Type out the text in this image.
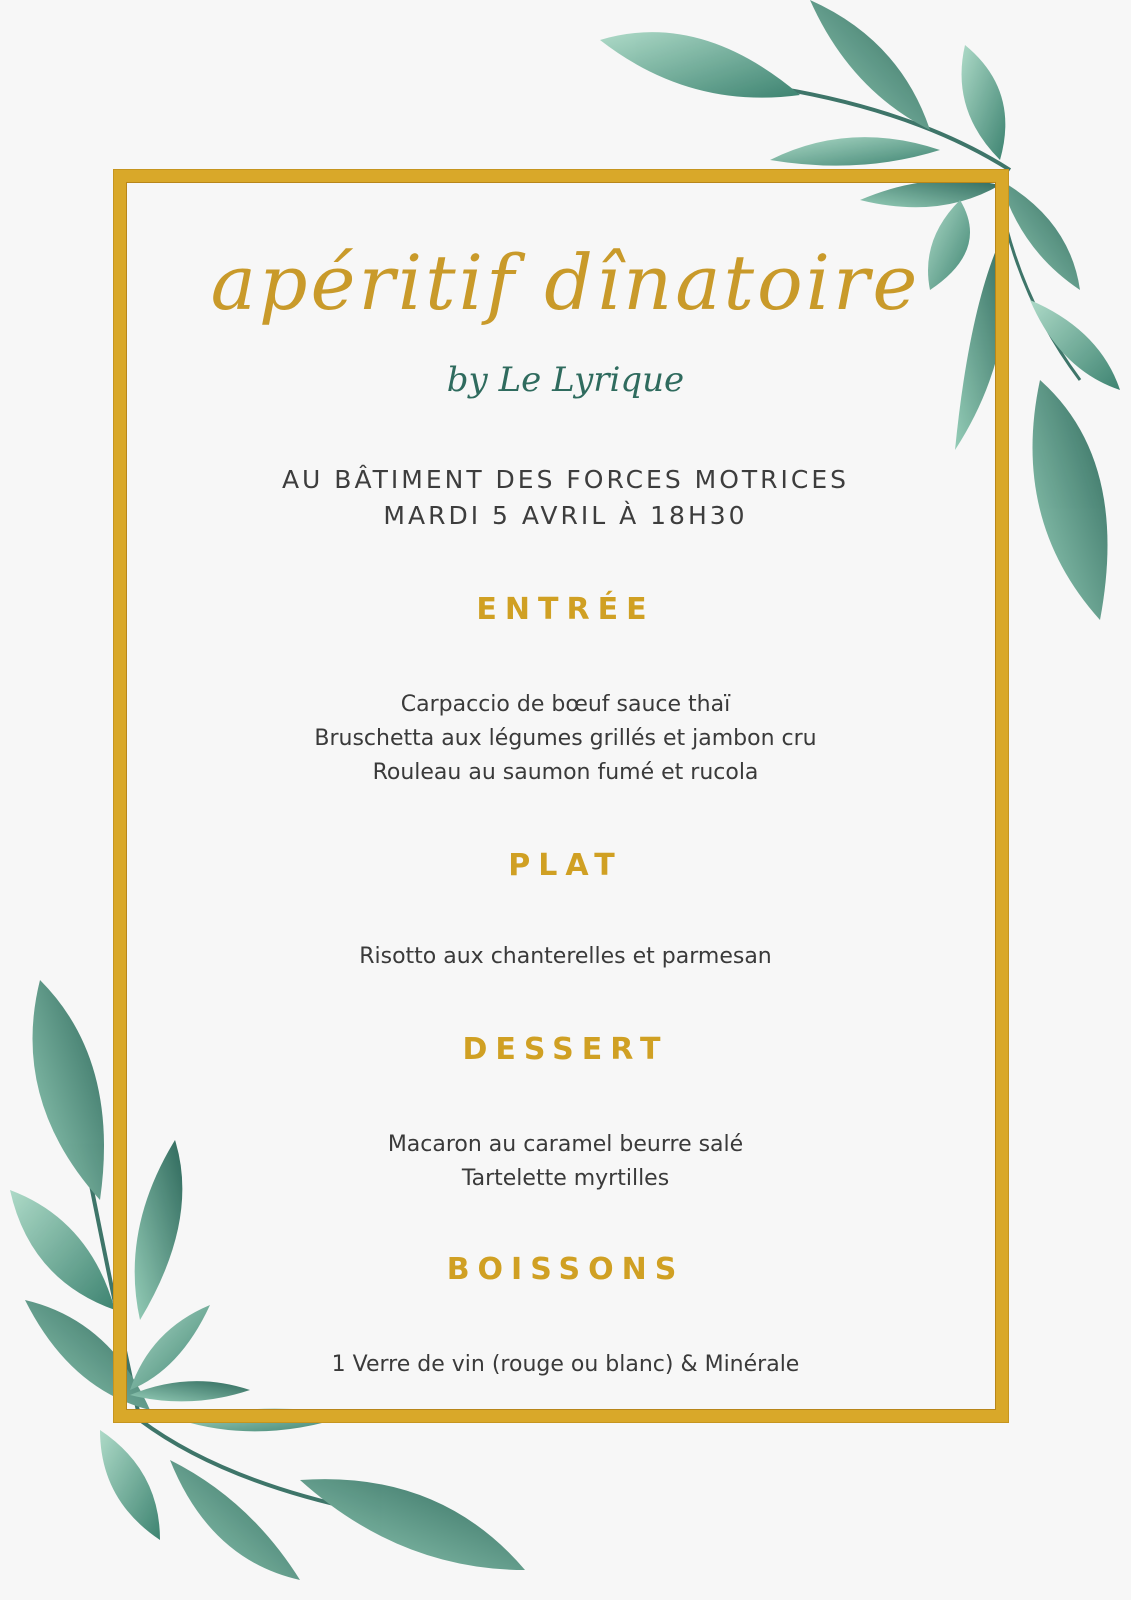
apéritif dînatoire
by Le Lyrique
AU BÂTIMENT DES FORCES MOTRICES
MARDI 5 AVRIL À 18H30
ENTRÉE
Carpaccio de bœuf sauce thaï
Bruschetta aux légumes grillés et jambon cru
Rouleau au saumon fumé et rucola
PLAT
Risotto aux chanterelles et parmesan
DESSERT
Macaron au caramel beurre salé
Tartelette myrtilles
BOISSONS
1 Verre de vin (rouge ou blanc) & Minérale
